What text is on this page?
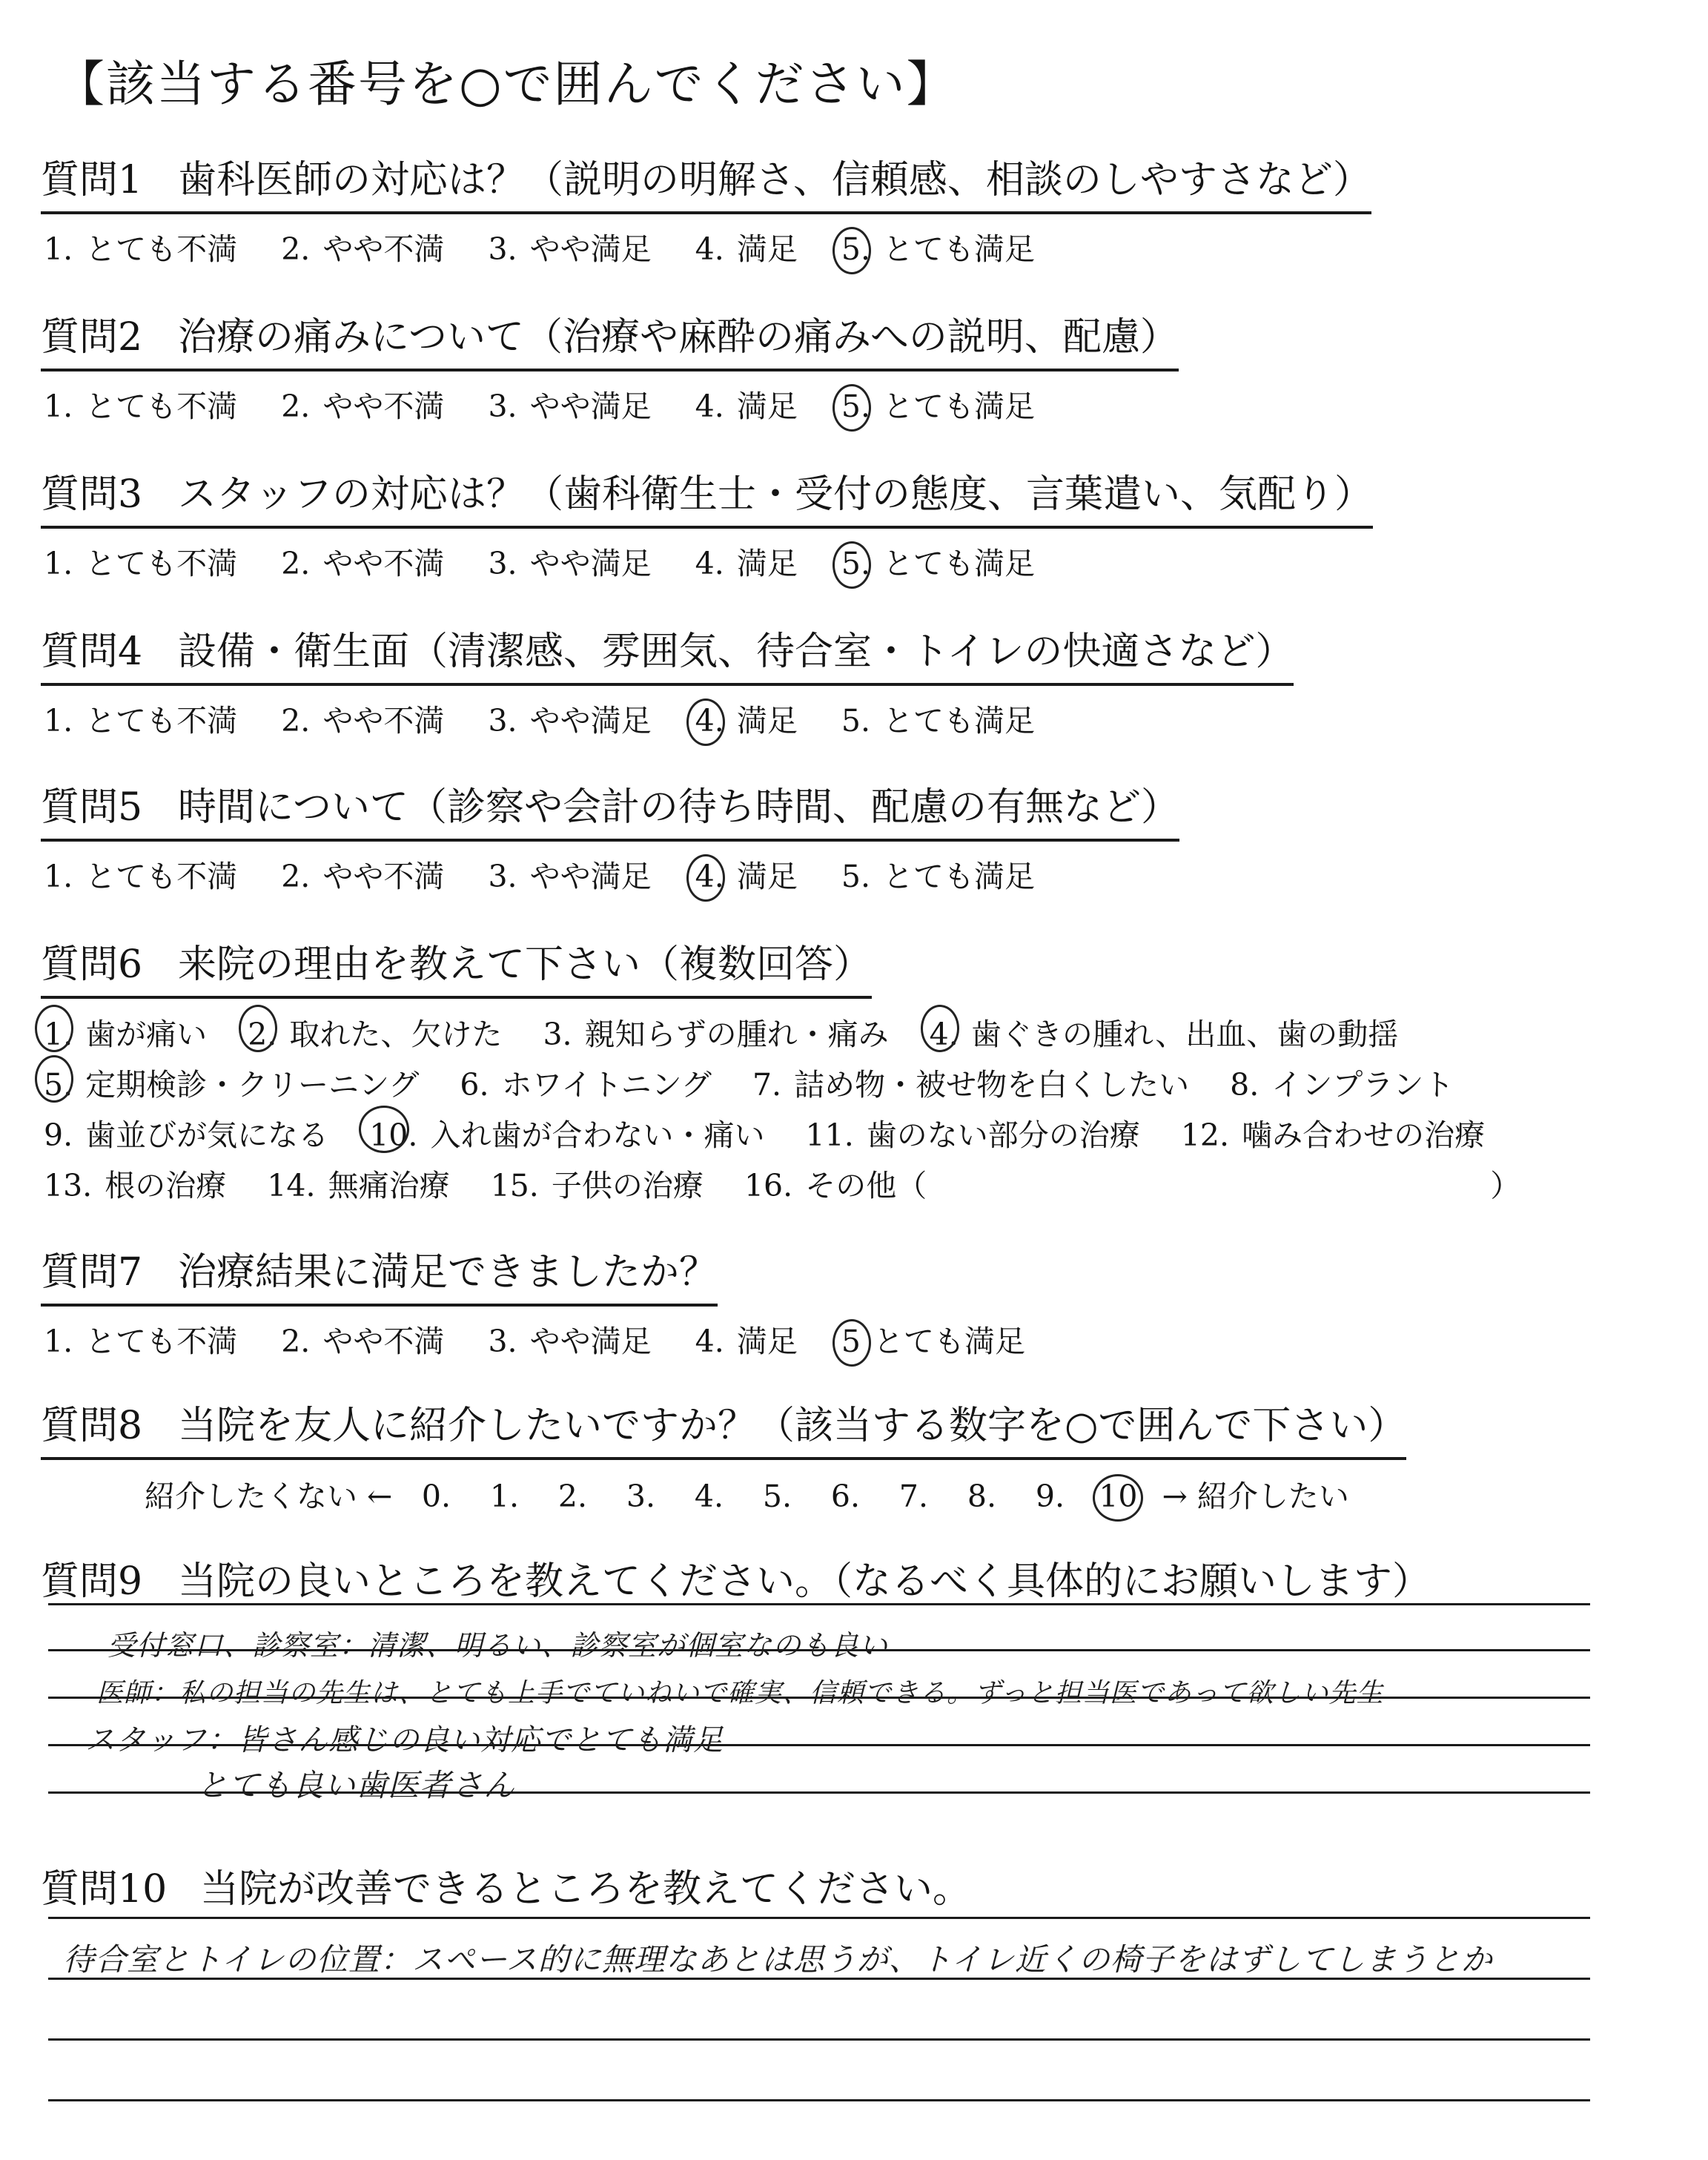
【該当する番号を○で囲んでください】
質問1 歯科医師の対応は？（説明の明解さ、信頼感、相談のしやすさなど）
1. とても不満 2. やや不満 3. やや満足 4. 満足 5. とても満足
質問2 治療の痛みについて（治療や麻酔の痛みへの説明、配慮）
1. とても不満 2. やや不満 3. やや満足 4. 満足 5. とても満足
質問3 スタッフの対応は？（歯科衛生士・受付の態度、言葉遣い、気配り）
1. とても不満 2. やや不満 3. やや満足 4. 満足 5. とても満足
質問4 設備・衛生面（清潔感、雰囲気、待合室・トイレの快適さなど）
1. とても不満 2. やや不満 3. やや満足 4. 満足 5. とても満足
質問5 時間について（診察や会計の待ち時間、配慮の有無など）
1. とても不満 2. やや不満 3. やや満足 4. 満足 5. とても満足
質問6 来院の理由を教えて下さい（複数回答）
1. 歯が痛い 2. 取れた、欠けた 3. 親知らずの腫れ・痛み 4. 歯ぐきの腫れ、出血、歯の動揺
5. 定期検診・クリーニング 6. ホワイトニング 7. 詰め物・被せ物を白くしたい 8. インプラント
9. 歯並びが気になる 10. 入れ歯が合わない・痛い 11. 歯のない部分の治療 12. 噛み合わせの治療
13. 根の治療 14. 無痛治療 15. 子供の治療 16. その他（	）
質問7 治療結果に満足できましたか？
1. とても不満 2. やや不満 3. やや満足 4. 満足 5 とても満足
質問8 当院を友人に紹介したいですか？（該当する数字を○で囲んで下さい）
紹介したくない ← 0. 1. 2. 3. 4. 5. 6. 7. 8. 9. 10 → 紹介したい
質問9 当院の良いところを教えてください。（なるべく具体的にお願いします）
受付窓口、診察室：清潔、明るい、診察室が個室なのも良い
医師：私の担当の先生は、とても上手でていねいで確実、信頼できる。ずっと担当医であって欲しい先生
スタッフ：皆さん感じの良い対応でとても満足
とても良い歯医者さん
質問10 当院が改善できるところを教えてください。
待合室とトイレの位置：スペース的に無理なあとは思うが、トイレ近くの椅子をはずしてしまうとか
